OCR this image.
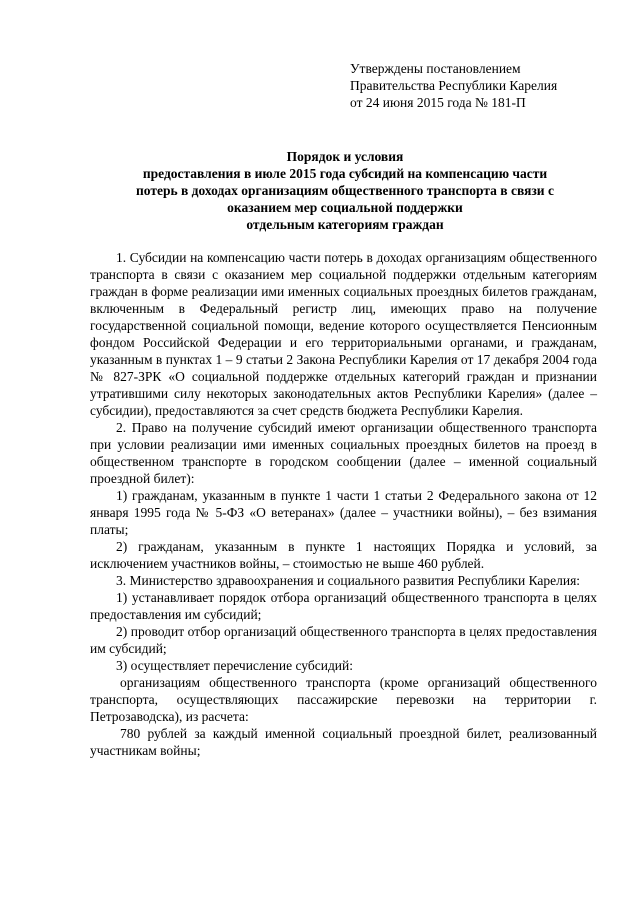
Утверждены постановлением
Правительства Республики Карелия
от 24 июня 2015 года № 181-П
Порядок и условия
предоставления в июле 2015 года субсидий на компенсацию части
потерь в доходах организациям общественного транспорта в связи с
оказанием мер социальной поддержки
отдельным категориям граждан

1. Субсидии на компенсацию части потерь в доходах организациям общественного транспорта в связи с оказанием мер социальной поддержки отдельным категориям граждан в форме реализации ими именных социальных проездных билетов гражданам, включенным в Федеральный регистр лиц, имеющих право на получение государственной социальной помощи, ведение которого осуществляется Пенсионным фондом Российской Федерации и его территориальными органами, и гражданам, указанным в пунктах 1 – 9 статьи 2 Закона Республики Карелия от 17 декабря 2004 года № 827-ЗРК «О социальной поддержке отдельных категорий граждан и признании утратившими силу некоторых законодательных актов Республики Карелия» (далее – субсидии), предоставляются за счет средств бюджета Республики Карелия.

2. Право на получение субсидий имеют организации общественного транспорта при условии реализации ими именных социальных проездных билетов на проезд в общественном транспорте в городском сообщении (далее – именной социальный проездной билет):

1) гражданам, указанным в пункте 1 части 1 статьи 2 Федерального закона от 12 января 1995 года № 5-ФЗ «О ветеранах» (далее – участники войны), – без взимания платы;

2) гражданам, указанным в пункте 1 настоящих Порядка и условий, за исключением участников войны, – стоимостью не выше 460 рублей.

3. Министерство здравоохранения и социального развития Республики Карелия:

1) устанавливает порядок отбора организаций общественного транспорта в целях предоставления им субсидий;

2) проводит отбор организаций общественного транспорта в целях предоставления им субсидий;

3) осуществляет перечисление субсидий:

организациям общественного транспорта (кроме организаций общественного транспорта, осуществляющих пассажирские перевозки на территории г. Петрозаводска), из расчета:

780 рублей за каждый именной социальный проездной билет, реализованный участникам войны;
